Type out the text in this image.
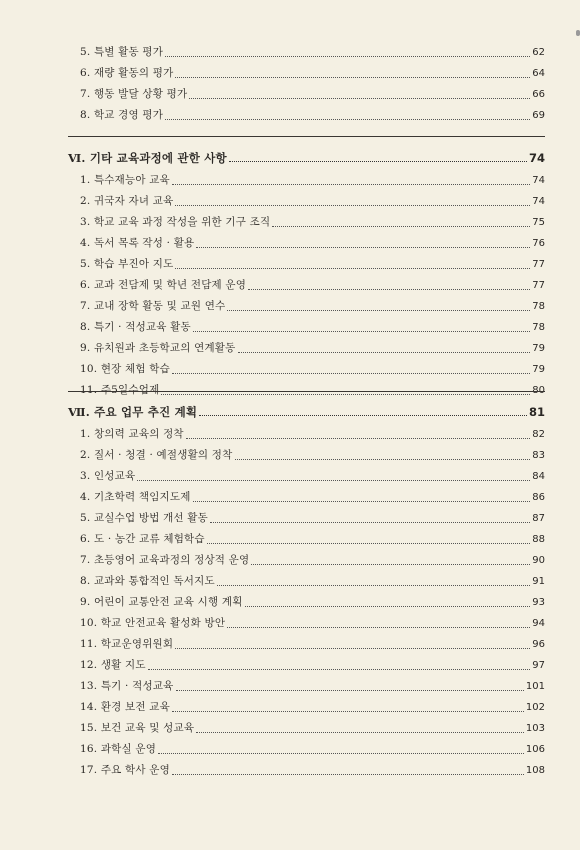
5. 특별 활동 평가	62
6. 재량 활동의 평가	64
7. 행동 발달 상황 평가	66
8. 학교 경영 평가	69
Ⅵ. 기타 교육과정에 관한 사항	74
1. 특수재능아 교육	74
2. 귀국자 자녀 교육	74
3. 학교 교육 과정 작성을 위한 기구 조직	75
4. 독서 목록 작성 · 활용	76
5. 학습 부진아 지도	77
6. 교과 전담제 및 학년 전담제 운영	77
7. 교내 장학 활동 및 교원 연수	78
8. 특기 · 적성교육 활동	78
9. 유치원과 초등학교의 연계활동	79
10. 현장 체험 학습	79
11. 주5일수업제	80
Ⅶ. 주요 업무 추진 계획	81
1. 창의력 교육의 정착	82
2. 질서 · 청결 · 예절생활의 정착	83
3. 인성교육	84
4. 기초학력 책임지도제	86
5. 교실수업 방법 개선 활동	87
6. 도 · 농간 교류 체험학습	88
7. 초등영어 교육과정의 정상적 운영	90
8. 교과와 통합적인 독서지도	91
9. 어린이 교통안전 교육 시행 계획	93
10. 학교 안전교육 활성화 방안	94
11. 학교운영위원회	96
12. 생활 지도	97
13. 특기 · 적성교육	101
14. 환경 보전 교육	102
15. 보건 교육 및 성교육	103
16. 과학실 운영	106
17. 주요 학사 운영	108
